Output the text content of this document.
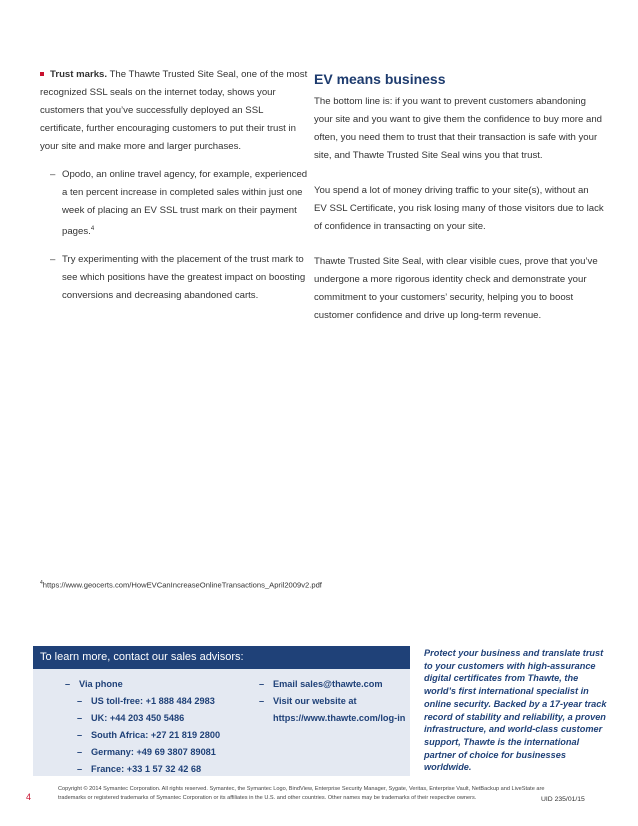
Trust marks. The Thawte Trusted Site Seal, one of the most recognized SSL seals on the internet today, shows your customers that you’ve successfully deployed an SSL certificate, further encouraging customers to put their trust in your site and make more and larger purchases.
– Opodo, an online travel agency, for example, experienced a ten percent increase in completed sales within just one week of placing an EV SSL trust mark on their payment pages.$^4$
– Try experimenting with the placement of the trust mark to see which positions have the greatest impact on boosting conversions and decreasing abandoned carts.
EV means business

The bottom line is: if you want to prevent customers abandoning your site and you want to give them the confidence to buy more and often, you need them to trust that their transaction is safe with your site, and Thawte Trusted Site Seal wins you that trust.

You spend a lot of money driving traffic to your site(s), without an EV SSL Certificate, you risk losing many of those visitors due to lack of confidence in transacting on your site.

Thawte Trusted Site Seal, with clear visible cues, prove that you’ve undergone a more rigorous identity check and demonstrate your commitment to your customers’ security, helping you to boost customer confidence and drive up long-term revenue.

$^4$https://www.geocerts.com/HowEVCanIncreaseOnlineTransactions_April2009v2.pdf
To learn more, contact our sales advisors:
– Via phone
– US toll-free: +1 888 484 2983
– UK: +44 203 450 5486
– South Africa: +27 21 819 2800
– Germany: +49 69 3807 89081
– France: +33 1 57 32 42 68
– Email sales@thawte.com
– Visit our website at
https://www.thawte.com/log-in
Protect your business and translate trust to your customers with high-assurance digital certificates from Thawte, the world’s first international specialist in online security. Backed by a 17-year track record of stability and reliability, a proven infrastructure, and world-class customer support, Thawte is the international partner of choice for businesses worldwide.
4
Copyright © 2014 Symantec Corporation. All rights reserved. Symantec, the Symantec Logo, BindView, Enterprise Security Manager, Sygate, Veritas, Enterprise Vault, NetBackup and LiveState are trademarks or registered trademarks of Symantec Corporation or its affiliates in the U.S. and other countries. Other names may be trademarks of their respective owners.	UID 235/01/15
